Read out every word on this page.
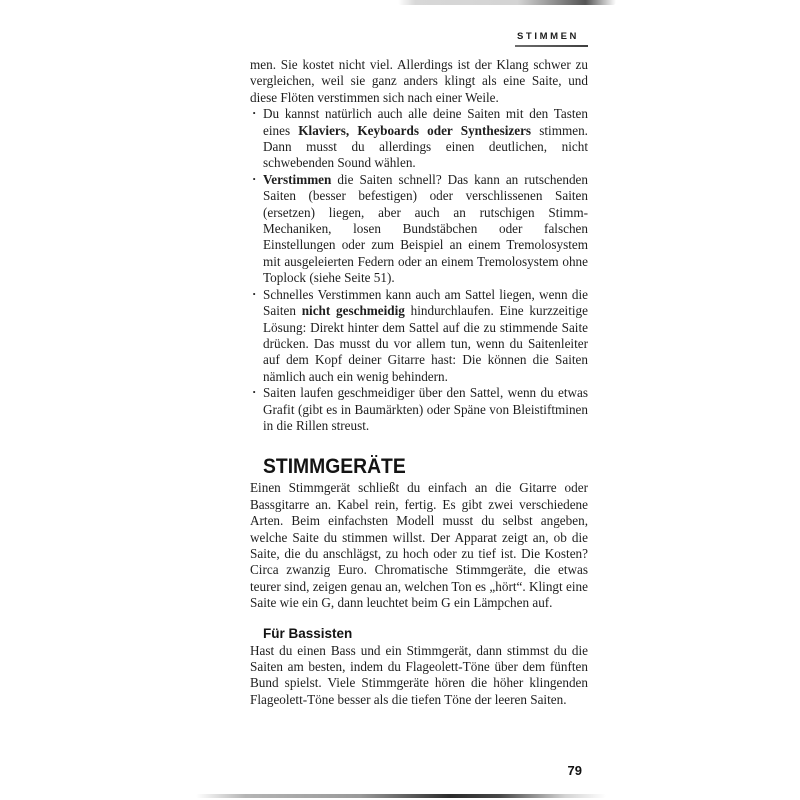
STIMMEN

men. Sie kostet nicht viel. Allerdings ist der Klang schwer zu vergleichen, weil sie ganz anders klingt als eine Saite, und diese Flöten verstimmen sich nach einer Weile.

· Du kannst natürlich auch alle deine Saiten mit den Tasten eines Klaviers, Keyboards oder Synthesizers stimmen. Dann musst du allerdings einen deutlichen, nicht schwebenden Sound wählen.
· Verstimmen die Saiten schnell? Das kann an rutschenden Saiten (besser befestigen) oder verschlissenen Saiten (ersetzen) liegen, aber auch an rutschigen Stimm-Mechaniken, losen Bundstäbchen oder falschen Einstellungen oder zum Beispiel an einem Tremolosystem mit ausgeleierten Federn oder an einem Tremolosystem ohne Toplock (siehe Seite 51).
· Schnelles Verstimmen kann auch am Sattel liegen, wenn die Saiten nicht geschmeidig hindurchlaufen. Eine kurzzeitige Lösung: Direkt hinter dem Sattel auf die zu stimmende Saite drücken. Das musst du vor allem tun, wenn du Saitenleiter auf dem Kopf deiner Gitarre hast: Die können die Saiten nämlich auch ein wenig behindern.
· Saiten laufen geschmeidiger über den Sattel, wenn du etwas Grafit (gibt es in Baumärkten) oder Späne von Bleistiftminen in die Rillen streust.
STIMMGERÄTE

Einen Stimmgerät schließt du einfach an die Gitarre oder Bassgitarre an. Kabel rein, fertig. Es gibt zwei verschiedene Arten. Beim einfachsten Modell musst du selbst angeben, welche Saite du stimmen willst. Der Apparat zeigt an, ob die Saite, die du anschlägst, zu hoch oder zu tief ist. Die Kosten? Circa zwanzig Euro. Chromatische Stimmgeräte, die etwas teurer sind, zeigen genau an, welchen Ton es „hört“. Klingt eine Saite wie ein G, dann leuchtet beim G ein Lämpchen auf.

Für Bassisten

Hast du einen Bass und ein Stimmgerät, dann stimmst du die Saiten am besten, indem du Flageolett-Töne über dem fünften Bund spielst. Viele Stimmgeräte hören die höher klingenden Flageolett-Töne besser als die tiefen Töne der leeren Saiten.

79
